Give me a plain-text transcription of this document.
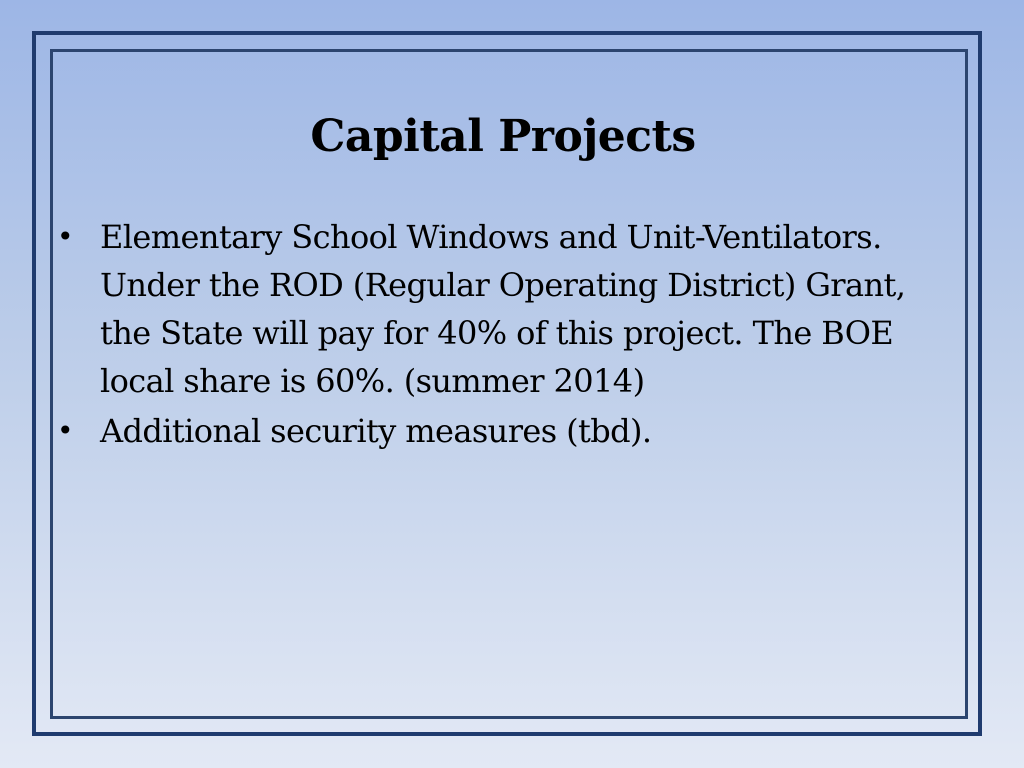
Capital Projects
• Elementary School Windows and Unit-Ventilators. Under the ROD (Regular Operating District) Grant, the State will pay for 40% of this project. The BOE local share is 60%. (summer 2014)
• Additional security measures (tbd).
